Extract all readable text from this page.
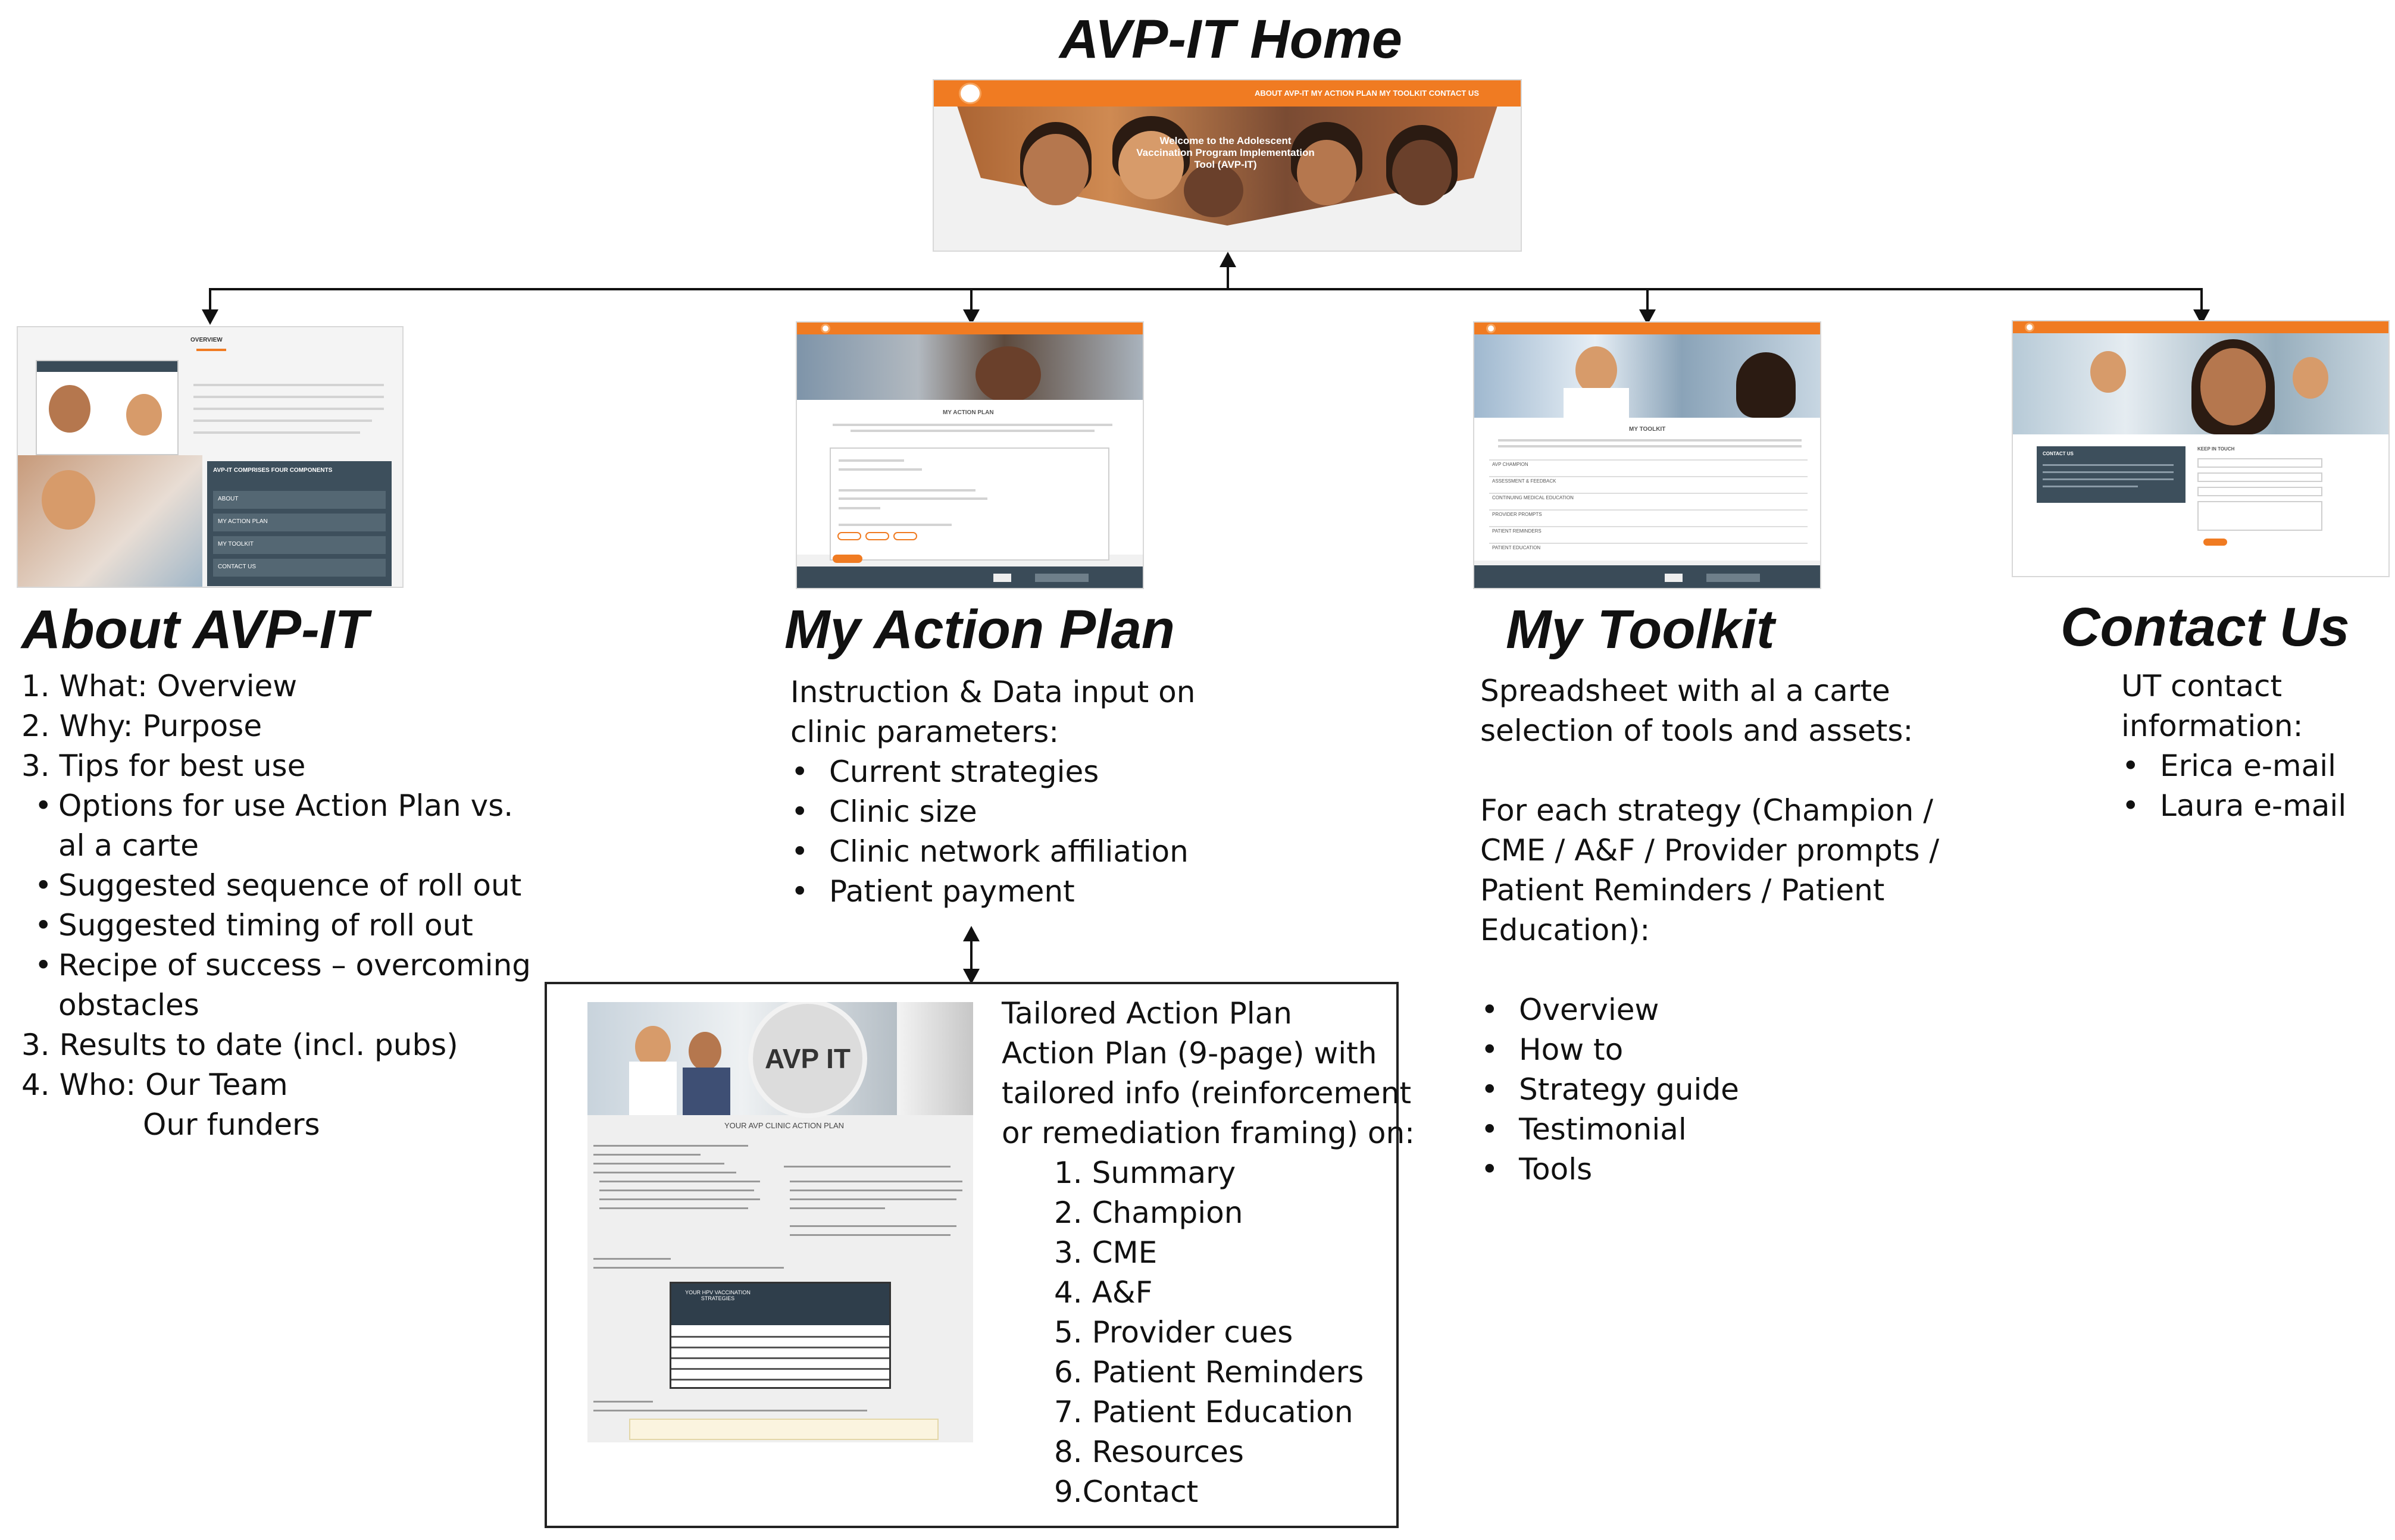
AVP-IT Home
ABOUT AVP-IT MY ACTION PLAN MY TOOLKIT CONTACT US
Welcome to the Adolescent Vaccination Program Implementation Tool (AVP-IT)
OVERVIEW
AVP-IT COMPRISES FOUR COMPONENTS
ABOUT
MY ACTION PLAN
MY TOOLKIT
CONTACT US
About AVP-IT
1. What: Overview
2. Why: Purpose
3. Tips for best use
• Options for use Action Plan vs.
al a carte
• Suggested sequence of roll out
• Suggested timing of roll out
• Recipe of success – overcoming
obstacles
3. Results to date (incl. pubs)
4. Who: Our Team
Our funders
MY ACTION PLAN
My Action Plan
Instruction & Data input on
clinic parameters:
• Current strategies
• Clinic size
• Clinic network affiliation
• Patient payment
AVP IT
YOUR AVP CLINIC ACTION PLAN
YOUR HPV VACCINATION STRATEGIES
Tailored Action Plan
Action Plan (9-page) with
tailored info (reinforcement
or remediation framing) on:
1. Summary
2. Champion
3. CME
4. A&F
5. Provider cues
6. Patient Reminders
7. Patient Education
8. Resources
9.Contact
MY TOOLKIT
AVP CHAMPION
ASSESSMENT & FEEDBACK
CONTINUING MEDICAL EDUCATION
PROVIDER PROMPTS
PATIENT REMINDERS
PATIENT EDUCATION
My Toolkit
Spreadsheet with al a carte
selection of tools and assets:

For each strategy (Champion /
CME / A&F / Provider prompts /
Patient Reminders / Patient
Education):

• Overview
• How to
• Strategy guide
• Testimonial
• Tools
CONTACT US
KEEP IN TOUCH
Contact Us
UT contact
information:
• Erica e-mail
• Laura e-mail
